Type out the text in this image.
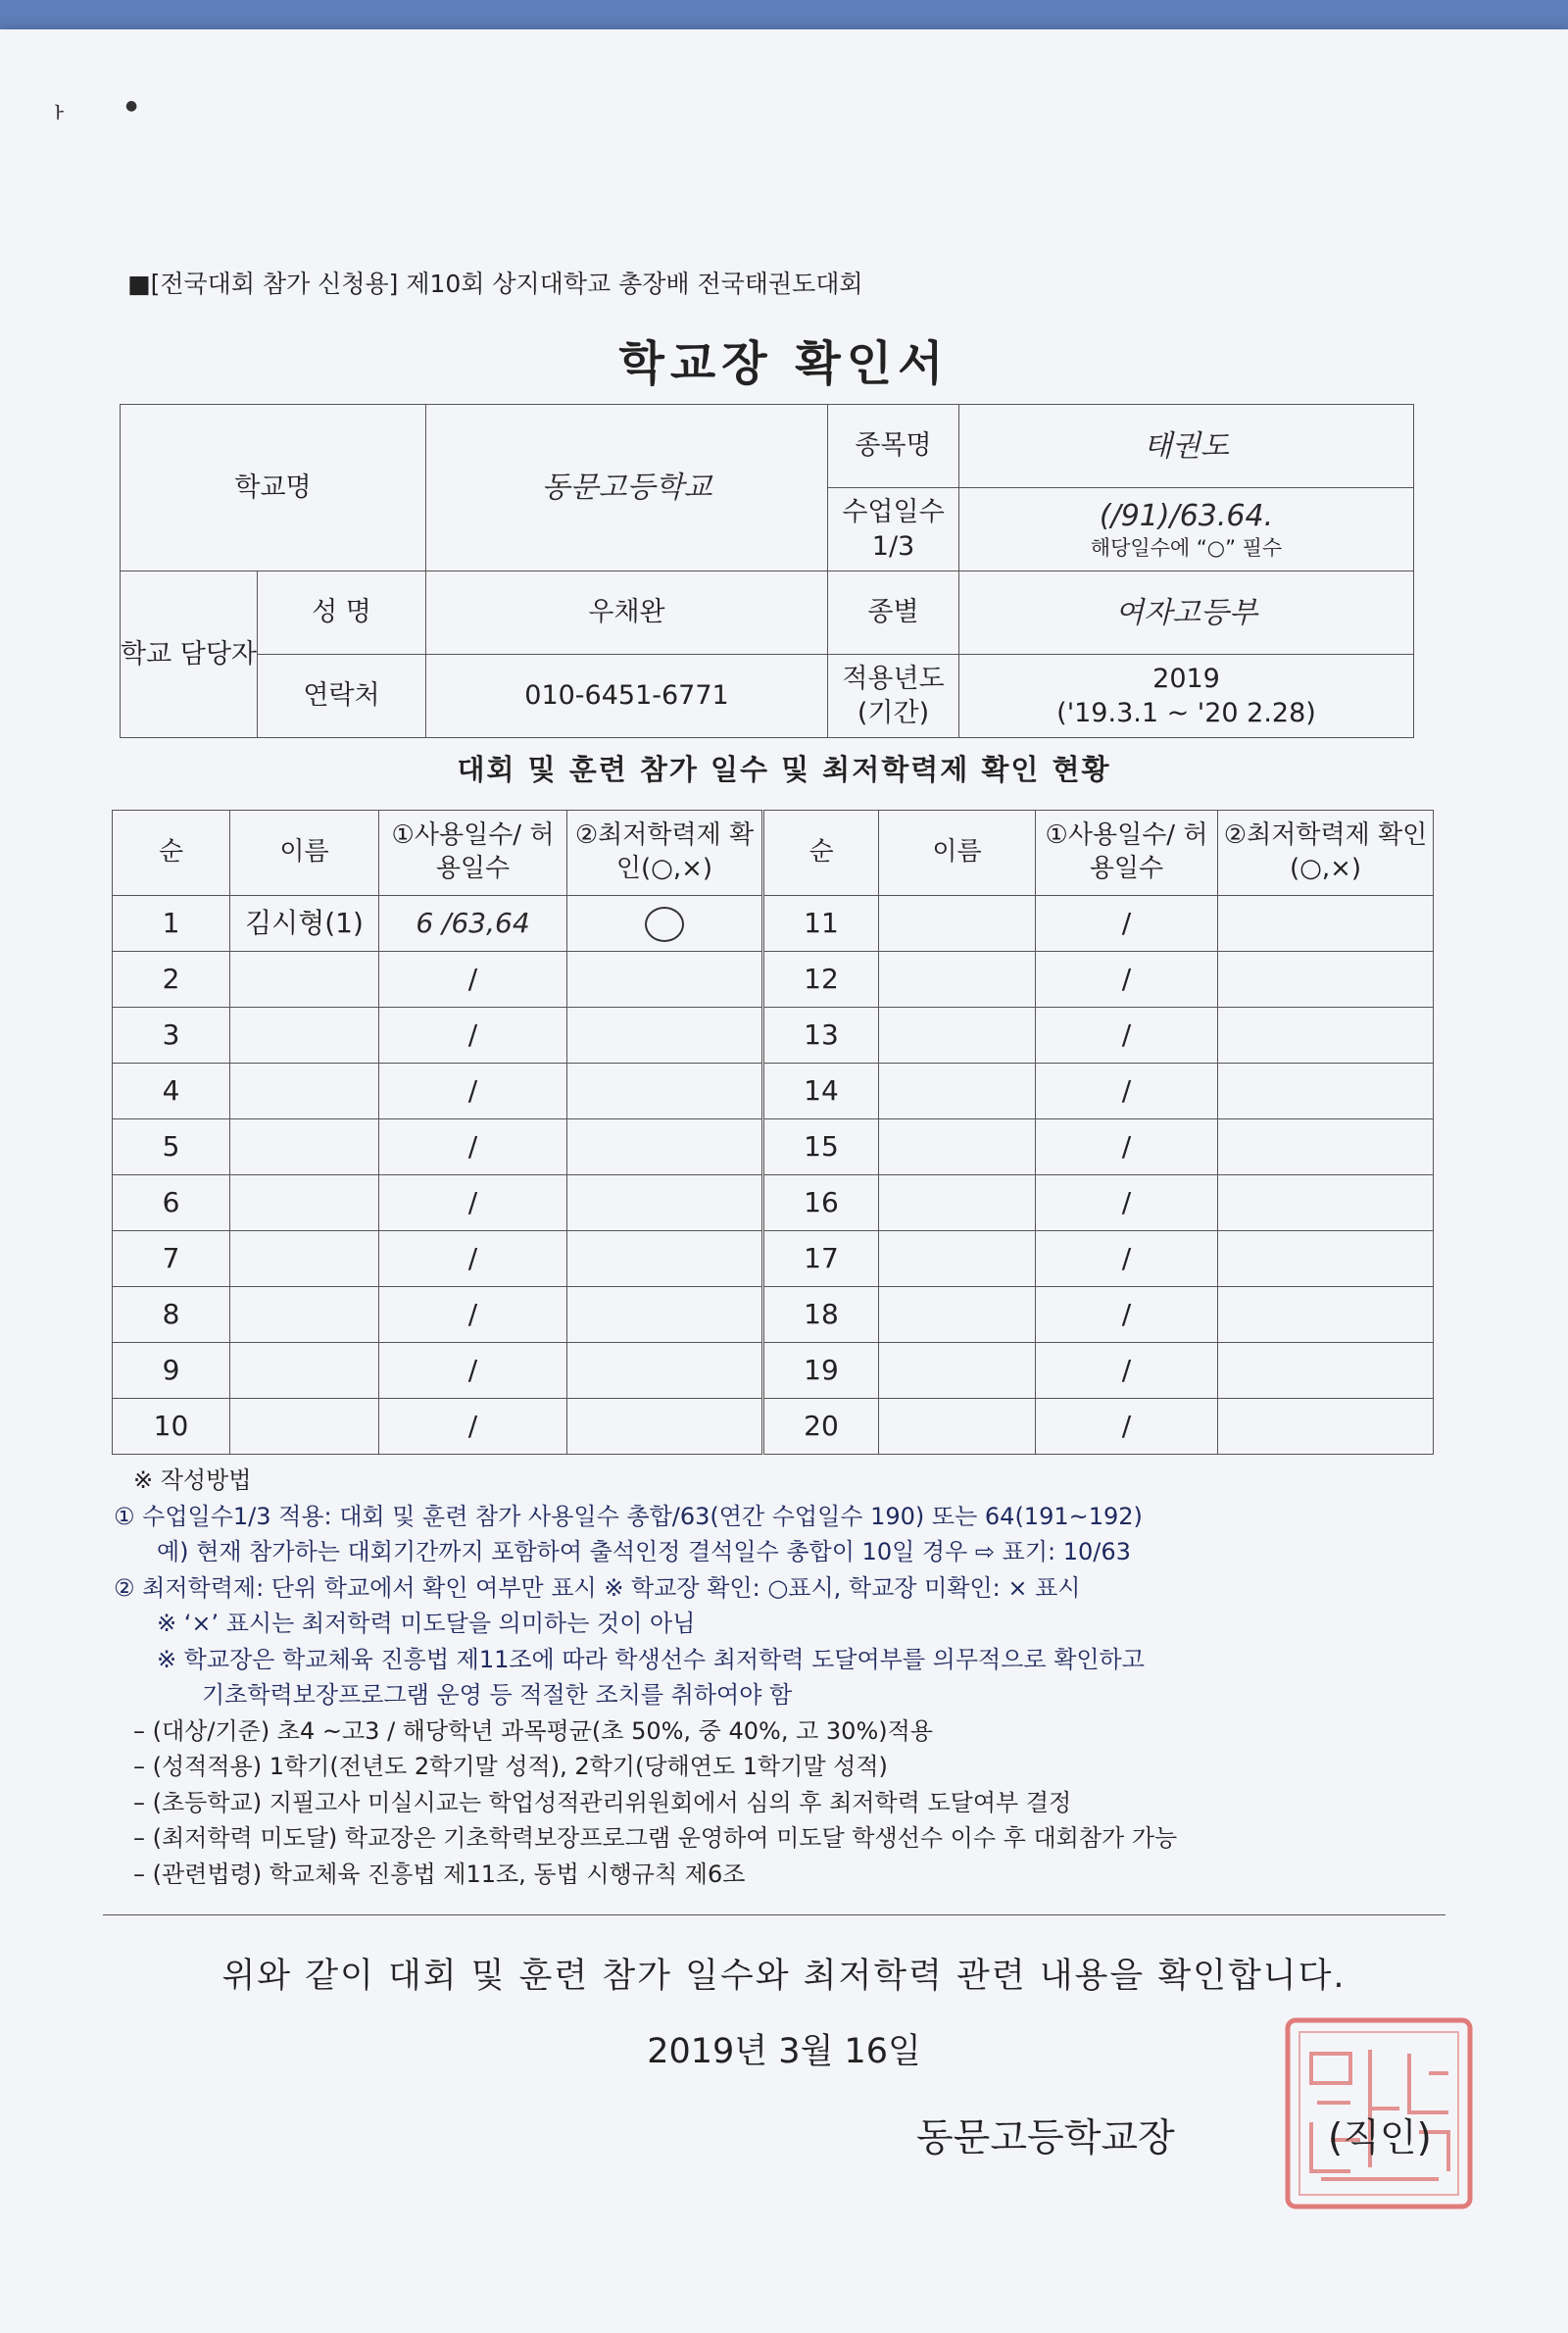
ᅡ	●
■[전국대회 참가 신청용] 제10회 상지대학교 총장배 전국태권도대회
학교장 확인서
학교명		동문고등학교	종목명	태권도
			수업일수 1/3	(/91)/63.64.
해당일수에 “○” 필수

학교 담당자	성 명	우채완	종별	여자고등부
	연락처	010-6451-6771	적용년도 (기간)	2019
('19.3.1 ~ '20 2.28)
대회 및 훈련 참가 일수 및 최저학력제 확인 현황
순	이름	①사용일수/ 허용일수	②최저학력제 확인(○,×)	순	이름	①사용일수/ 허용일수	②최저학력제 확인(○,×)
1	김시형(1)	6 /63,64		11		/	
2		/		12		/	
3		/		13		/	
4		/		14		/	
5		/		15		/	
6		/		16		/	
7		/		17		/	
8		/		18		/	
9		/		19		/	
10		/		20		/	
※ 작성방법
① 수업일수1/3 적용: 대회 및 훈련 참가 사용일수 총합/63(연간 수업일수 190) 또는 64(191~192)
예) 현재 참가하는 대회기간까지 포함하여 출석인정 결석일수 총합이 10일 경우 ⇨ 표기: 10/63
② 최저학력제: 단위 학교에서 확인 여부만 표시 ※ 학교장 확인: ○표시, 학교장 미확인: × 표시
※ ‘×’ 표시는 최저학력 미도달을 의미하는 것이 아님
※ 학교장은 학교체육 진흥법 제11조에 따라 학생선수 최저학력 도달여부를 의무적으로 확인하고
기초학력보장프로그램 운영 등 적절한 조치를 취하여야 함
– (대상/기준) 초4 ~고3 / 해당학년 과목평균(초 50%, 중 40%, 고 30%)적용
– (성적적용) 1학기(전년도 2학기말 성적), 2학기(당해연도 1학기말 성적)
– (초등학교) 지필고사 미실시교는 학업성적관리위원회에서 심의 후 최저학력 도달여부 결정
– (최저학력 미도달) 학교장은 기초학력보장프로그램 운영하여 미도달 학생선수 이수 후 대회참가 가능
– (관련법령) 학교체육 진흥법 제11조, 동법 시행규칙 제6조
위와 같이 대회 및 훈련 참가 일수와 최저학력 관련 내용을 확인합니다.
2019년 3월 16일
동문고등학교장	(직인)
